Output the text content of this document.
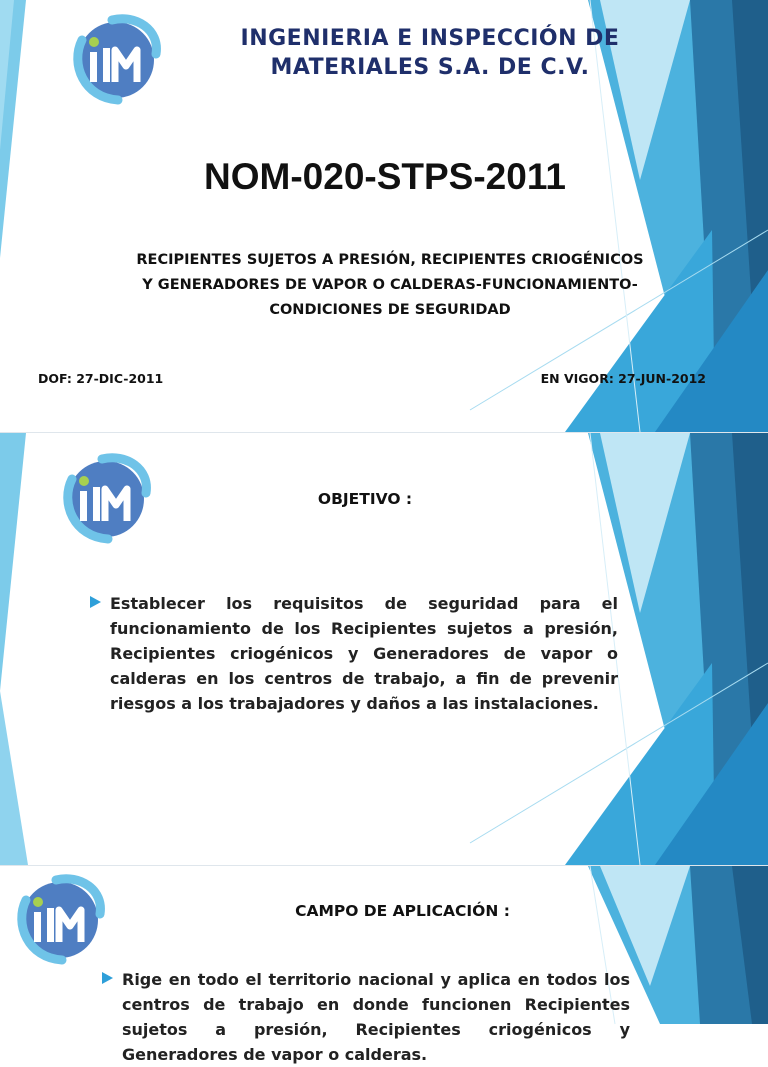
INGENIERIA E INSPECCIÓN DE MATERIALES S.A. DE C.V.
NOM-020-STPS-2011
RECIPIENTES SUJETOS A PRESIÓN, RECIPIENTES CRIOGÉNICOS Y GENERADORES DE VAPOR O CALDERAS-FUNCIONAMIENTO-CONDICIONES DE SEGURIDAD
DOF: 27-DIC-2011	EN VIGOR: 27-JUN-2012
OBJETIVO :
Establecer los requisitos de seguridad para el funcionamiento de los Recipientes sujetos a presión, Recipientes criogénicos y Generadores de vapor o calderas en los centros de trabajo, a fin de prevenir riesgos a los trabajadores y daños a las instalaciones.
CAMPO DE APLICACIÓN :
Rige en todo el territorio nacional y aplica en todos los centros de trabajo en donde funcionen Recipientes sujetos a presión, Recipientes criogénicos y Generadores de vapor o calderas.
